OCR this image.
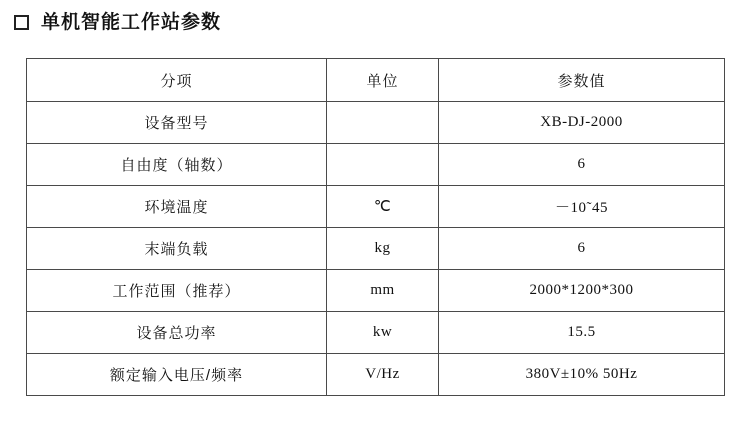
单机智能工作站参数
分项	单位	参数值
设备型号		XB-DJ-2000
自由度（轴数）		6
环境温度	℃	－10˜45
末端负载	kg	6
工作范围（推荐）	mm	2000*1200*300
设备总功率	kw	15.5
额定输入电压/频率	V/Hz	380V±10% 50Hz
